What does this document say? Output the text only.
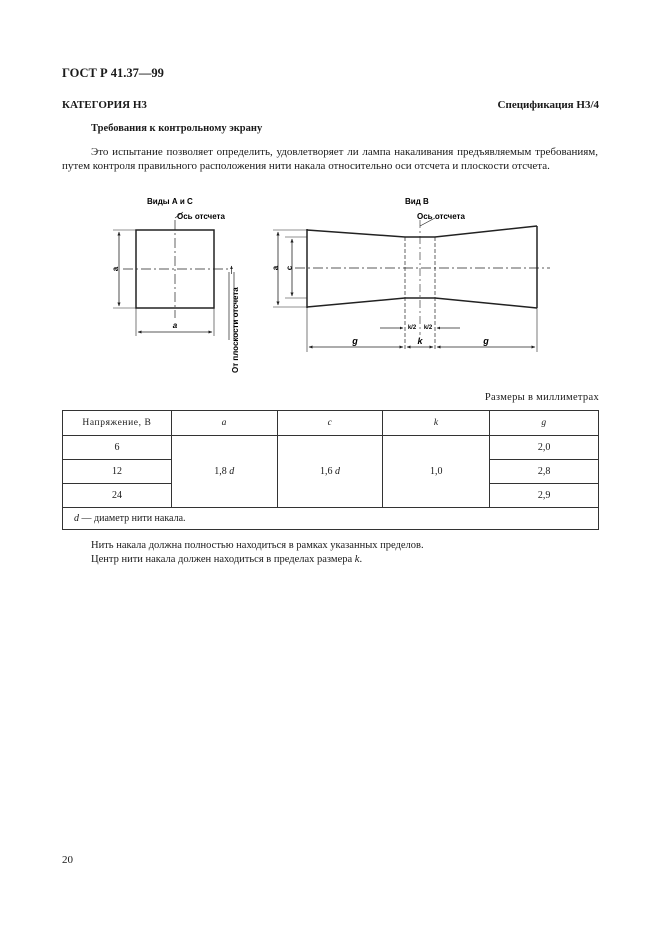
ГОСТ Р 41.37—99
КАТЕГОРИЯ Н3	Спецификация Н3/4
Требования к контрольному экрану
Это испытание позволяет определить, удовлетворяет ли лампа накаливания предъявляемым требованиям, путем контроля правильного расположения нити накала относительно оси отсчета и плоскости отсчета.
Виды А и С
Ось отсчета
a
a	От плоскости отсчета
Вид В
Ось отсчета
a c
k/2 k/2
g	k	g
Размеры в миллиметрах
Напряжение, В	a	c	k	g
6	1,8 d	1,6 d	1,0	2,0
12				2,8
24				2,9
d — диаметр нити накала.				
Нить накала должна полностью находиться в рамках указанных пределов.
Центр нити накала должен находиться в пределах размера k.
20
